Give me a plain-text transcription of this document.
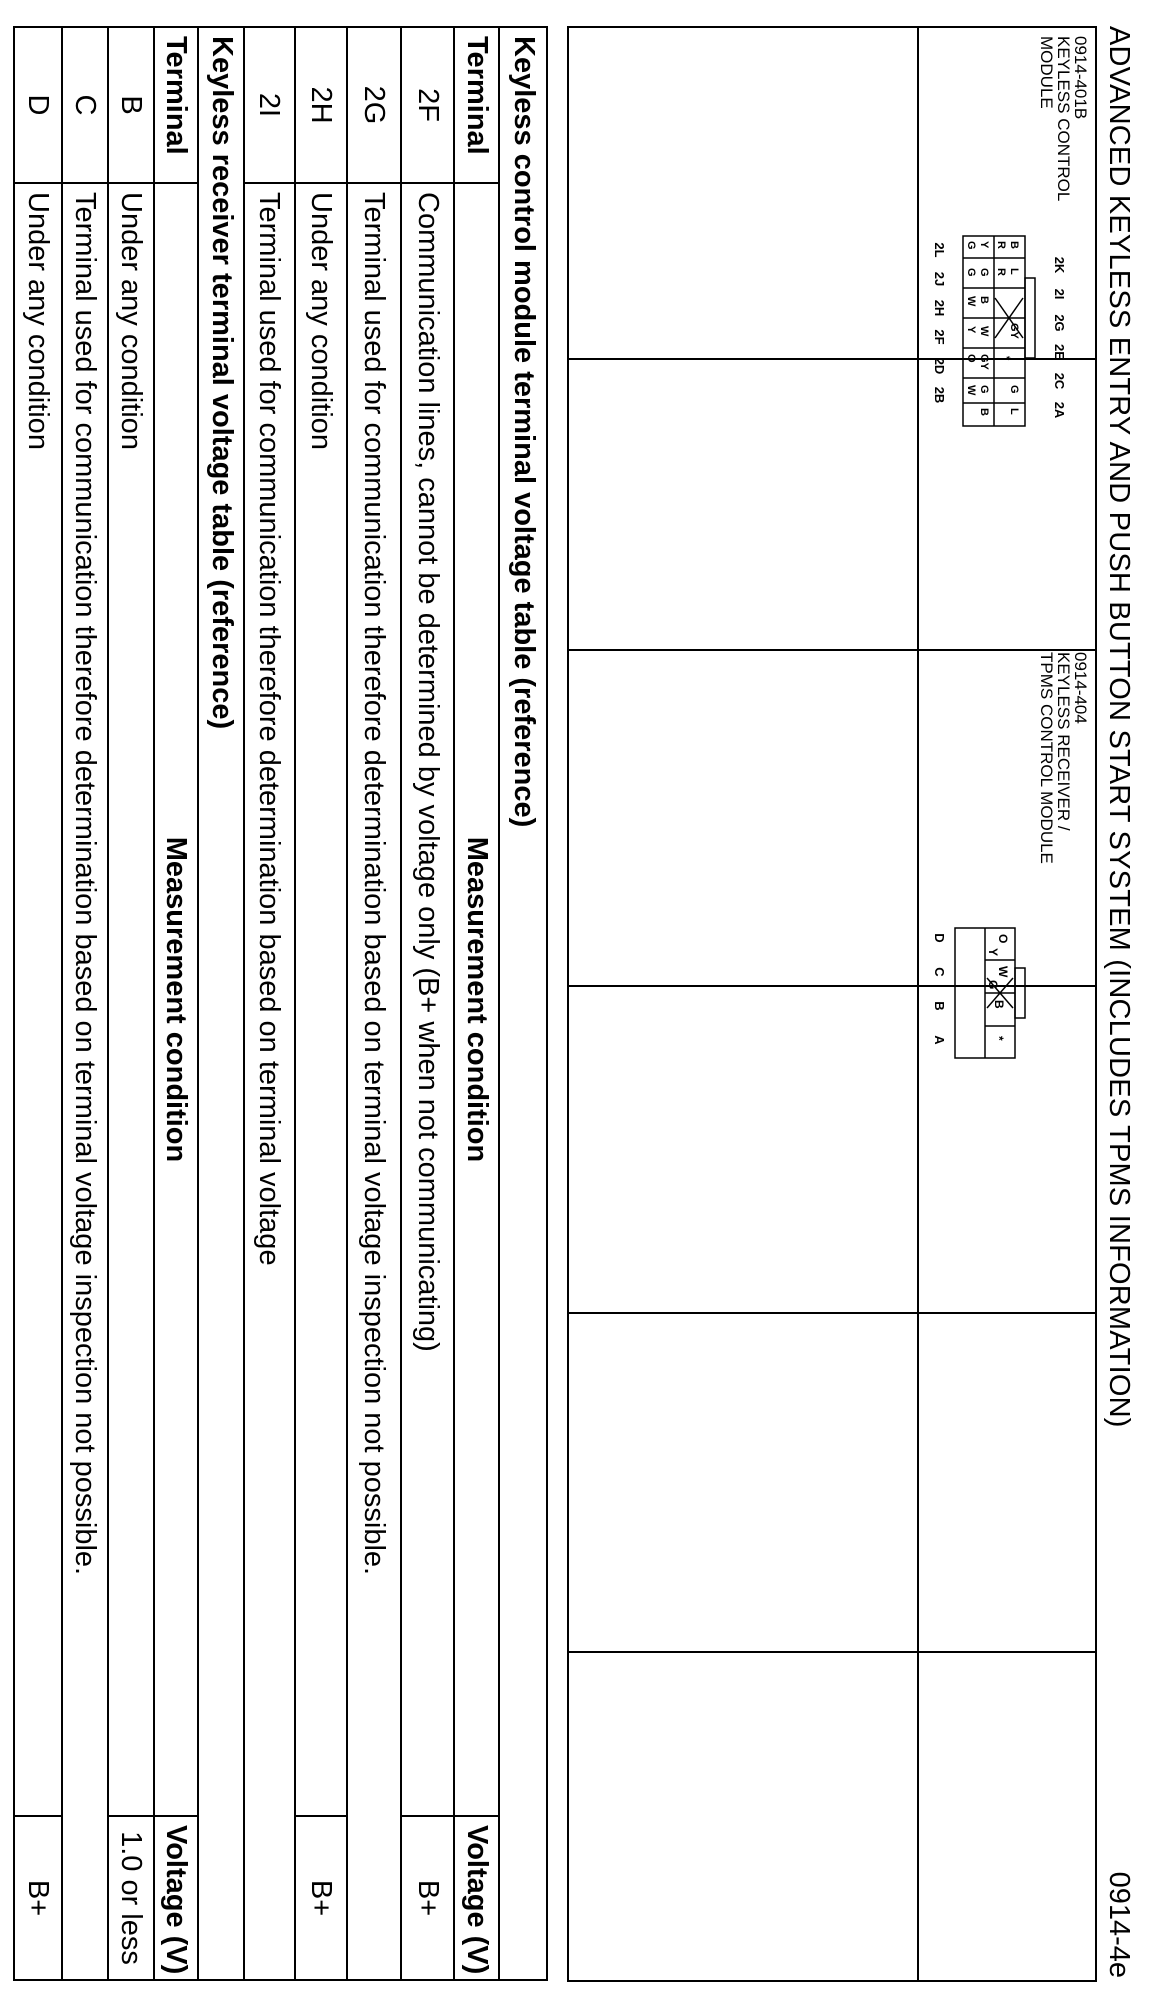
ADVANCED KEYLESS ENTRY AND PUSH BUTTON START SYSTEM (INCLUDES TPMS INFORMATION)
0914-4e
0914-401B
KEYLESS CONTROL
MODULE
2K
2I
2G
2E
2C
2A
B
R
L
R
GY
*
G
L
Y
G
G
G
B
W
W
Y
GY
O
G
W
B
2L
2J
2H
2F
2D
2B
0914-404
KEYLESS RECEIVER /
TPMS CONTROL MODULE
O
Y
W
G
B
*
D
C
B
A
Keyless control module terminal voltage table (reference)
Terminal
Measurement condition
Voltage (V)
2F
Communication lines, cannot be determined by voltage only (B+ when not communicating)
B+
2G
Terminal used for communication therefore determination based on terminal voltage inspection not possible.
2H
Under any condition
B+
2I
Terminal used for communication therefore determination based on terminal voltage
Keyless receiver terminal voltage table (reference)
Terminal
Measurement condition
Voltage (V)
B
Under any condition
1.0 or less
C
Terminal used for communication therefore determination based on terminal voltage inspection not possible.
D
Under any condition
B+
